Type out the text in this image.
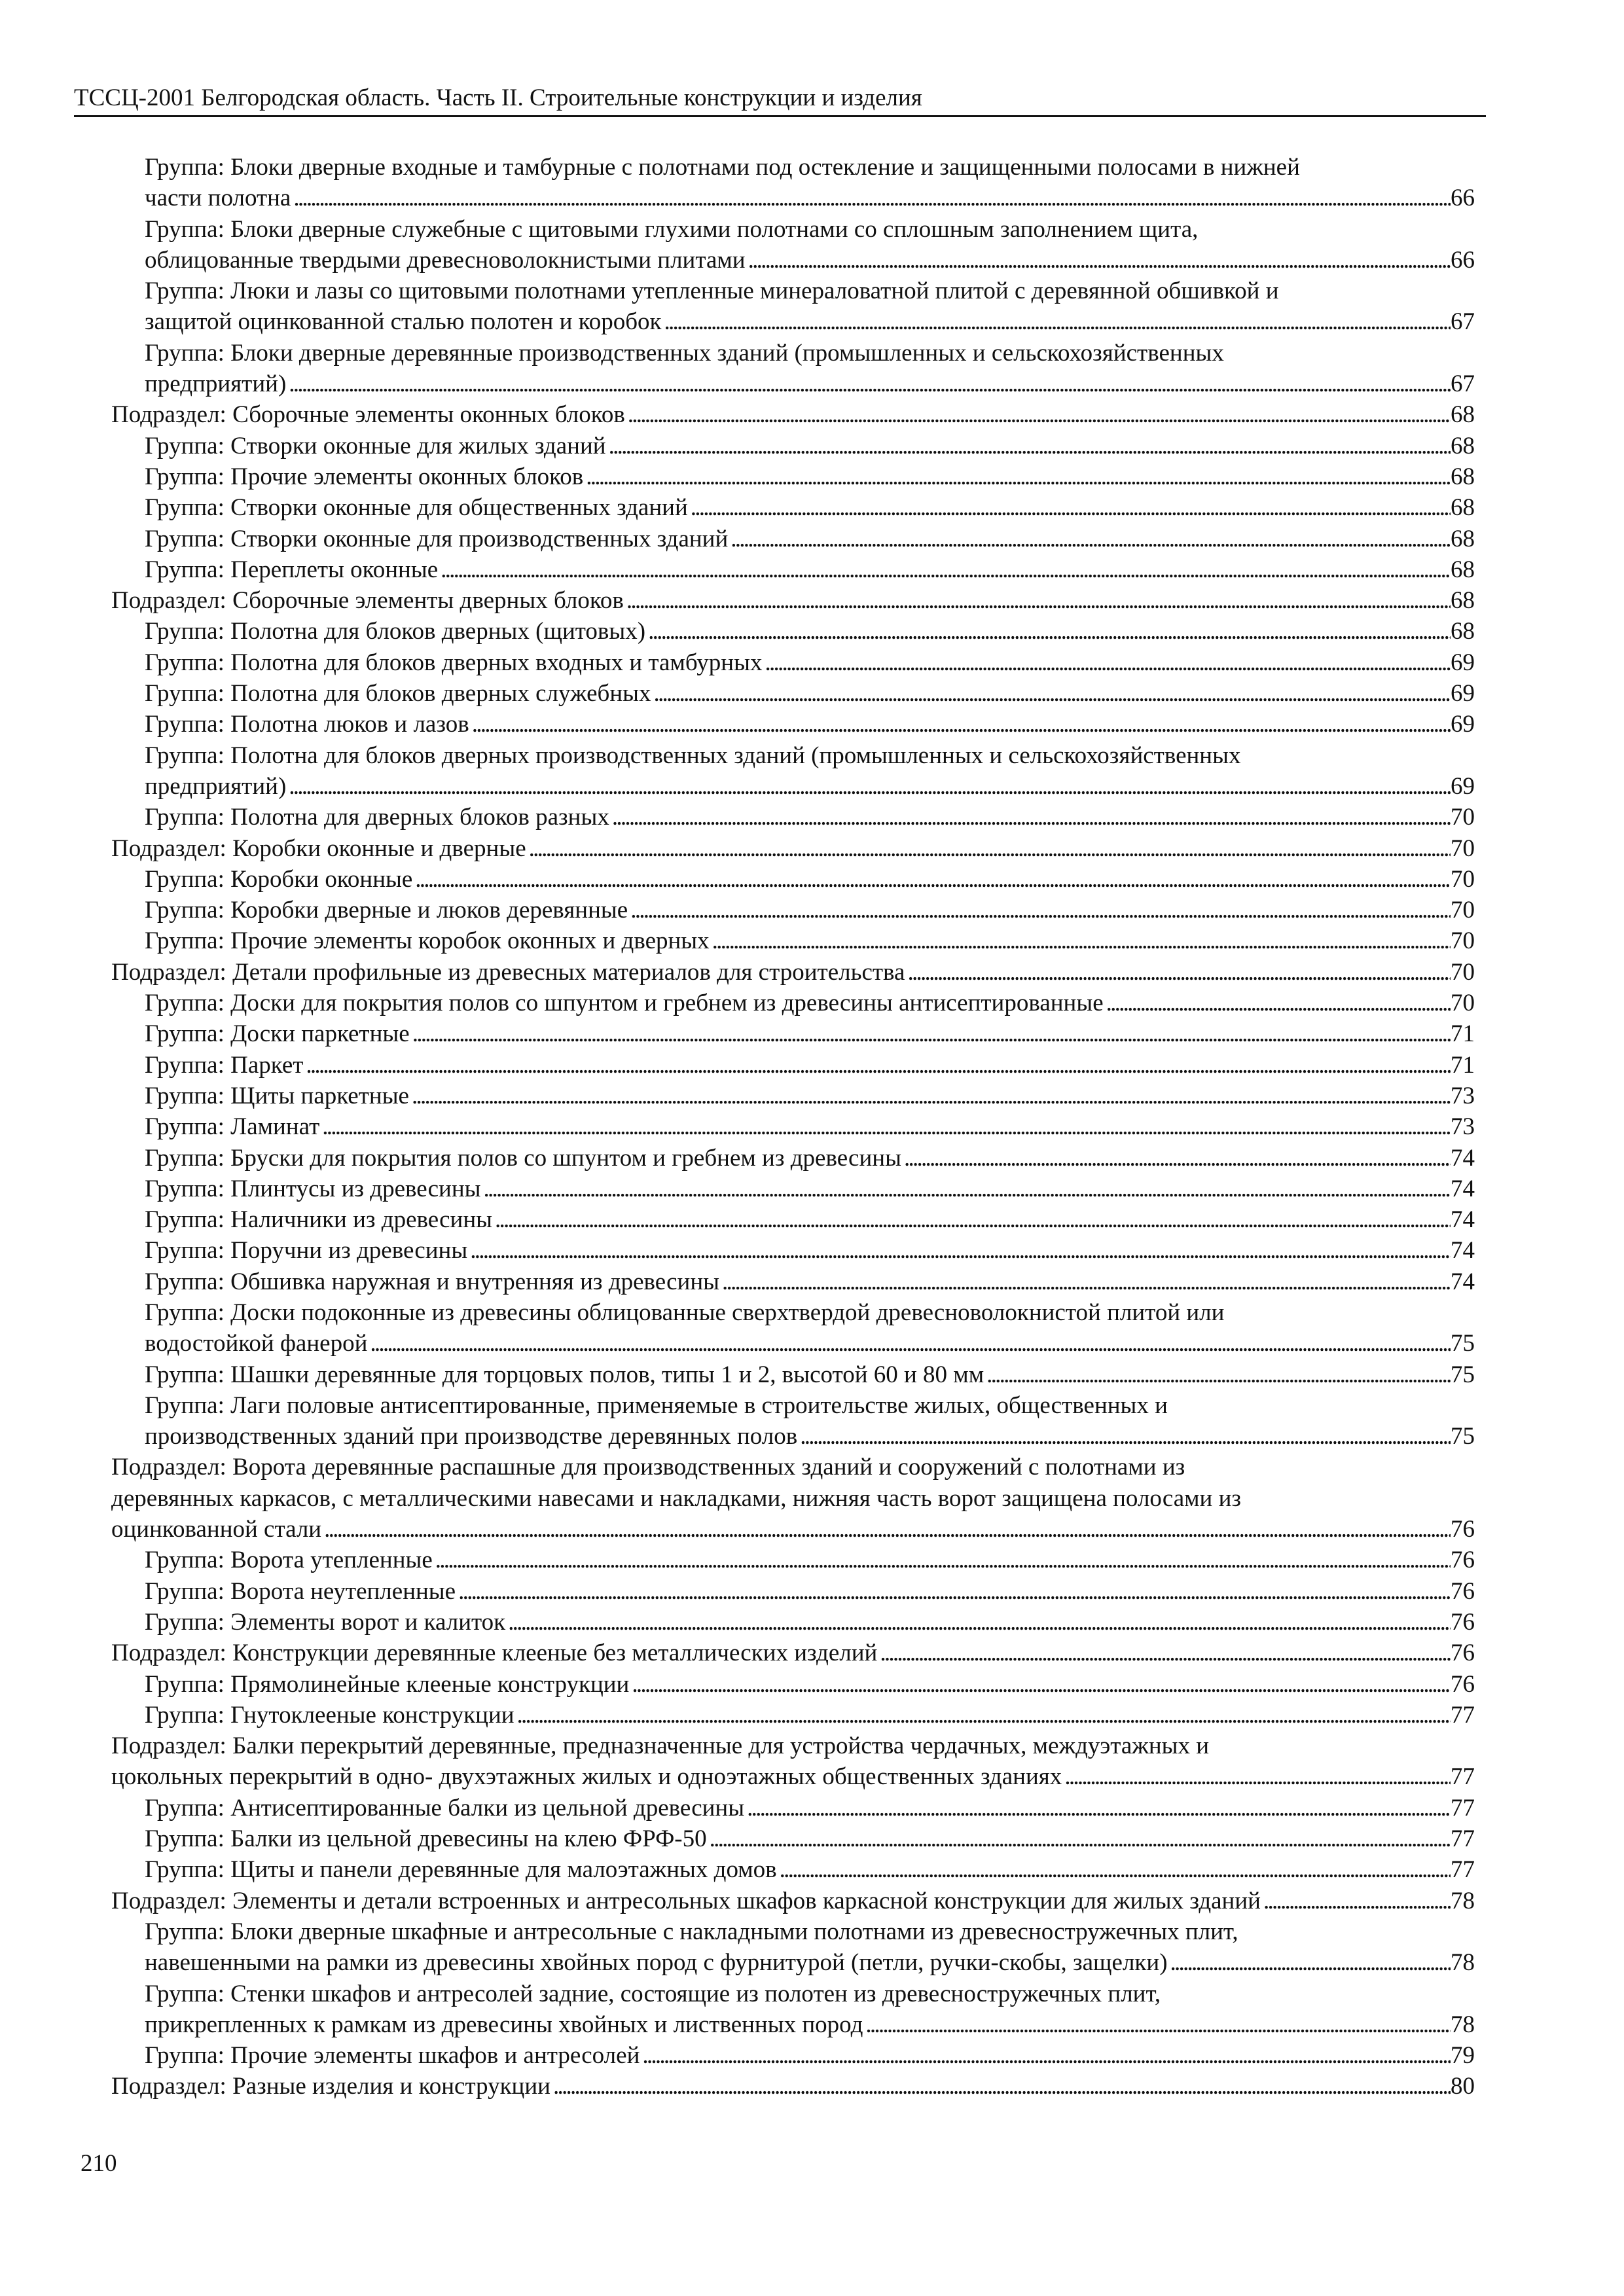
ТССЦ-2001 Белгородская область. Часть II. Строительные конструкции и изделия
Группа: Блоки дверные входные и тамбурные с полотнами под остекление и защищенными полосами в нижней
части полотна . . .	66
Группа: Блоки дверные служебные с щитовыми глухими полотнами со сплошным заполнением щита,
облицованные твердыми древесноволокнистыми плитами . . .	66
Группа: Люки и лазы со щитовыми полотнами утепленные минераловатной плитой с деревянной обшивкой и
защитой оцинкованной сталью полотен и коробок . . .	67
Группа: Блоки дверные деревянные производственных зданий (промышленных и сельскохозяйственных
предприятий) . . .	67
Подраздел: Сборочные элементы оконных блоков . . .	68
Группа: Створки оконные для жилых зданий . . .	68
Группа: Прочие элементы оконных блоков . . .	68
Группа: Створки оконные для общественных зданий . . .	68
Группа: Створки оконные для производственных зданий . . .	68
Группа: Переплеты оконные . . .	68
Подраздел: Сборочные элементы дверных блоков . . .	68
Группа: Полотна для блоков дверных (щитовых) . . .	68
Группа: Полотна для блоков дверных входных и тамбурных . . .	69
Группа: Полотна для блоков дверных служебных . . .	69
Группа: Полотна люков и лазов . . .	69
Группа: Полотна для блоков дверных производственных зданий (промышленных и сельскохозяйственных
предприятий) . . .	69
Группа: Полотна для дверных блоков разных . . .	70
Подраздел: Коробки оконные и дверные . . .	70
Группа: Коробки оконные . . .	70
Группа: Коробки дверные и люков деревянные . . .	70
Группа: Прочие элементы коробок оконных и дверных . . .	70
Подраздел: Детали профильные из древесных материалов для строительства . . .	70
Группа: Доски для покрытия полов со шпунтом и гребнем из древесины антисептированные . . .	70
Группа: Доски паркетные . . .	71
Группа: Паркет . . .	71
Группа: Щиты паркетные . . .	73
Группа: Ламинат . . .	73
Группа: Бруски для покрытия полов со шпунтом и гребнем из древесины . . .	74
Группа: Плинтусы из древесины . . .	74
Группа: Наличники из древесины . . .	74
Группа: Поручни из древесины . . .	74
Группа: Обшивка наружная и внутренняя из древесины . . .	74
Группа: Доски подоконные из древесины облицованные сверхтвердой древесноволокнистой плитой или
водостойкой фанерой . . .	75
Группа: Шашки деревянные для торцовых полов, типы 1 и 2, высотой 60 и 80 мм . . .	75
Группа: Лаги половые антисептированные, применяемые в строительстве жилых, общественных и
производственных зданий при производстве деревянных полов . . .	75
Подраздел: Ворота деревянные распашные для производственных зданий и сооружений с полотнами из
деревянных каркасов, с металлическими навесами и накладками, нижняя часть ворот защищена полосами из
оцинкованной стали . . .	76
Группа: Ворота утепленные . . .	76
Группа: Ворота неутепленные . . .	76
Группа: Элементы ворот и калиток . . .	76
Подраздел: Конструкции деревянные клееные без металлических изделий . . .	76
Группа: Прямолинейные клееные конструкции . . .	76
Группа: Гнутоклееные конструкции . . .	77
Подраздел: Балки перекрытий деревянные, предназначенные для устройства чердачных, междуэтажных и
цокольных перекрытий в одно- двухэтажных жилых и одноэтажных общественных зданиях . . .	77
Группа: Антисептированные балки из цельной древесины . . .	77
Группа: Балки из цельной древесины на клею ФРФ-50 . . .	77
Группа: Щиты и панели деревянные для малоэтажных домов . . .	77
Подраздел: Элементы и детали встроенных и антресольных шкафов каркасной конструкции для жилых зданий . . .	78
Группа: Блоки дверные шкафные и антресольные с накладными полотнами из древесностружечных плит,
навешенными на рамки из древесины хвойных пород с фурнитурой (петли, ручки-скобы, защелки) . . .	78
Группа: Стенки шкафов и антресолей задние, состоящие из полотен из древесностружечных плит,
прикрепленных к рамкам из древесины хвойных и лиственных пород . . .	78
Группа: Прочие элементы шкафов и антресолей . . .	79
Подраздел: Разные изделия и конструкции . . .	80
210
